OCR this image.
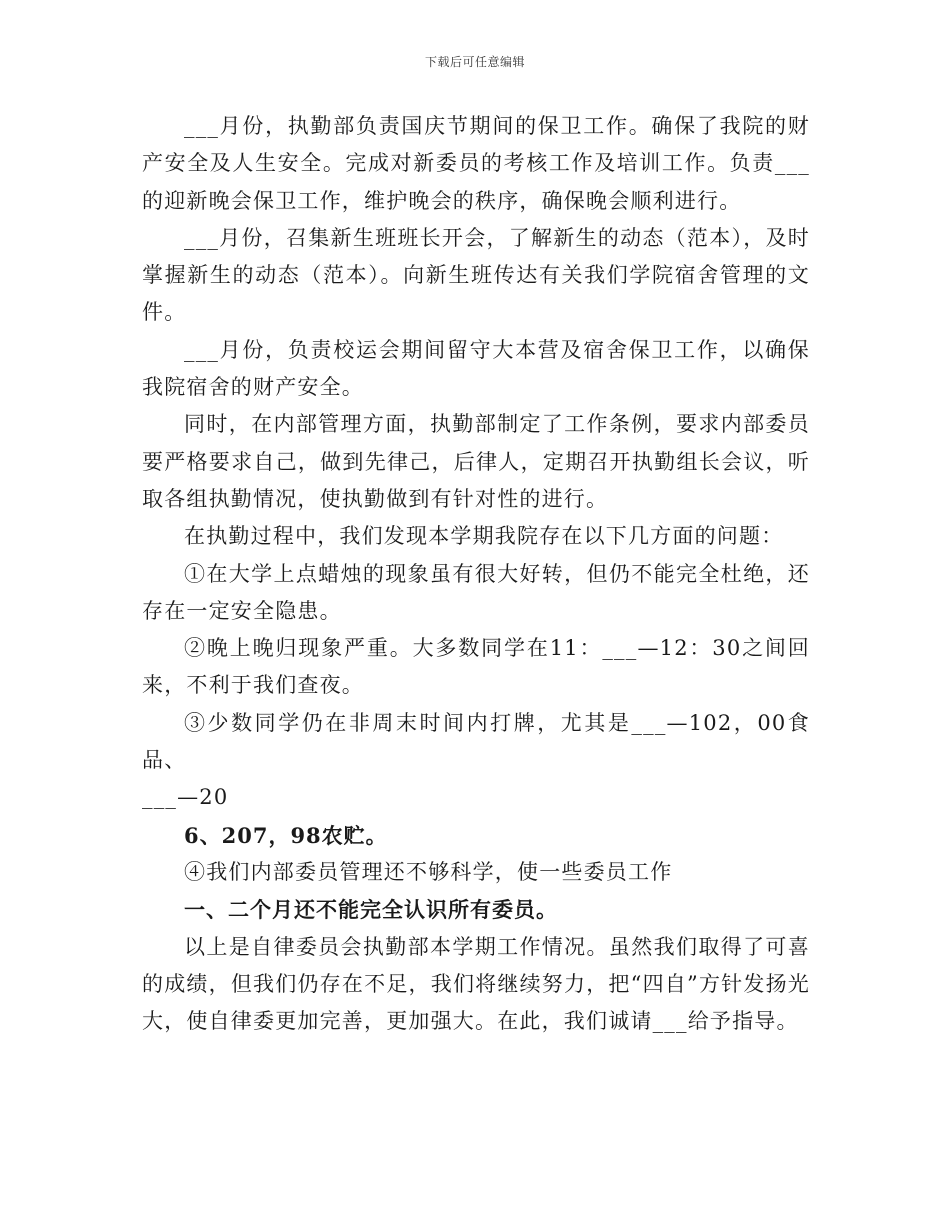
下载后可任意编辑

___月份，执勤部负责国庆节期间的保卫工作。确保了我院的财产安全及人生安全。完成对新委员的考核工作及培训工作。负责___的迎新晚会保卫工作，维护晚会的秩序，确保晚会顺利进行。

___月份，召集新生班班长开会，了解新生的动态（范本），及时掌握新生的动态（范本）。向新生班传达有关我们学院宿舍管理的文件。

___月份，负责校运会期间留守大本营及宿舍保卫工作，以确保我院宿舍的财产安全。

同时，在内部管理方面，执勤部制定了工作条例，要求内部委员要严格要求自己，做到先律己，后律人，定期召开执勤组长会议，听取各组执勤情况，使执勤做到有针对性的进行。

在执勤过程中，我们发现本学期我院存在以下几方面的问题：

①在大学上点蜡烛的现象虽有很大好转，但仍不能完全杜绝，还存在一定安全隐患。

②晚上晚归现象严重。大多数同学在11：___—12：30之间回来，不利于我们查夜。

③少数同学仍在非周末时间内打牌，尤其是___—102，00食品、

___—20

6、207，98农贮。

④我们内部委员管理还不够科学，使一些委员工作

一、二个月还不能完全认识所有委员。

以上是自律委员会执勤部本学期工作情况。虽然我们取得了可喜的成绩，但我们仍存在不足，我们将继续努力，把“四自”方针发扬光大，使自律委更加完善，更加强大。在此，我们诚请___给予指导。
